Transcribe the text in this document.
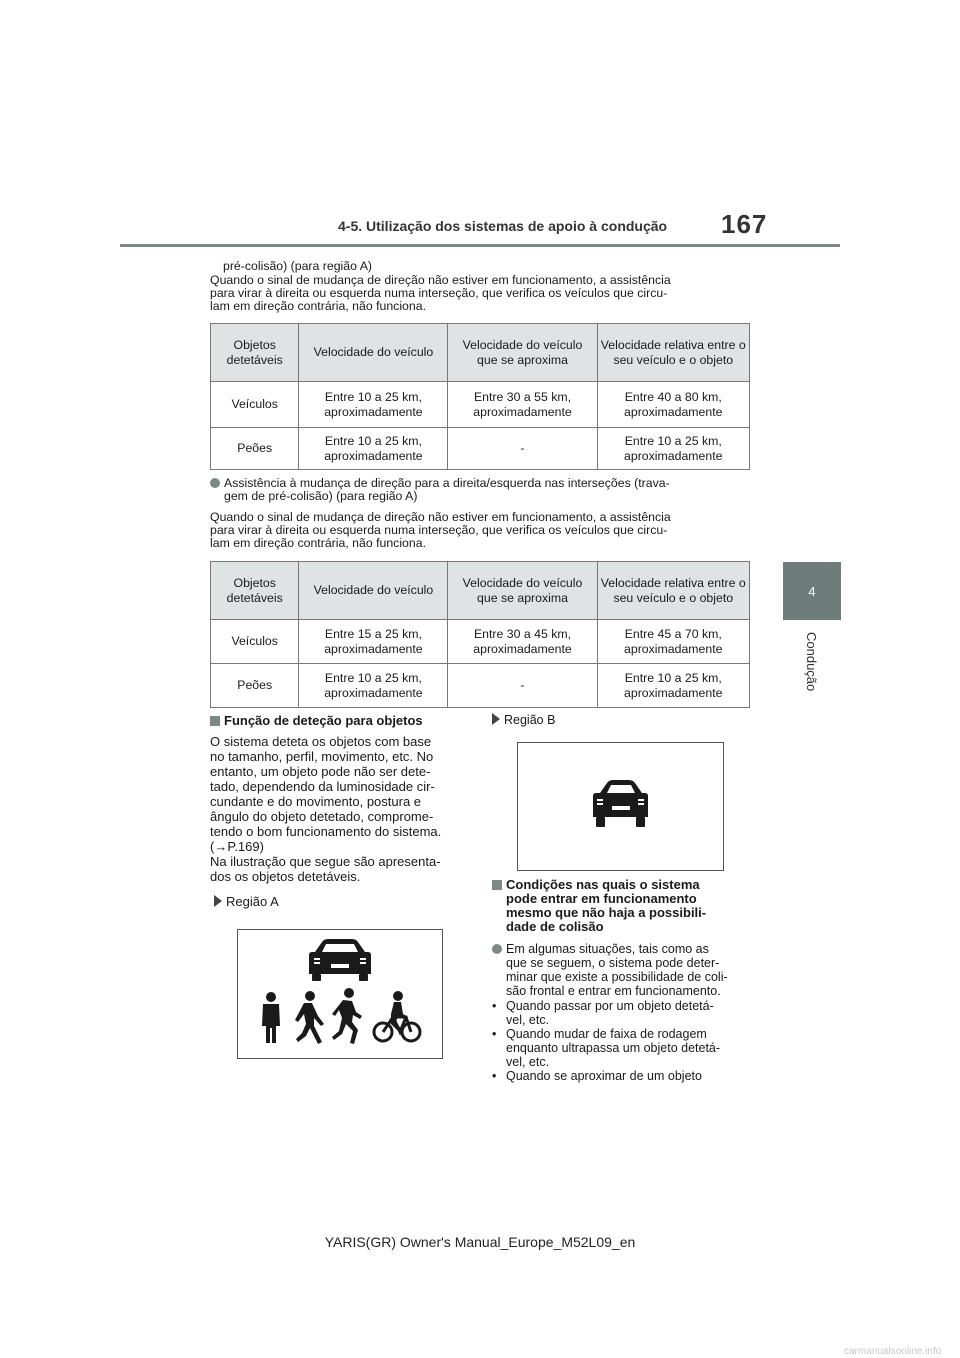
4-5. Utilização dos sistemas de apoio à condução 167
4
Condução
pré-colisão) (para região A)
Quando o sinal de mudança de direção não estiver em funcionamento, a assistência
para virar à direita ou esquerda numa interseção, que verifica os veículos que circu-
lam em direção contrária, não funciona.
Objetos detetáveis	Velocidade do veículo	Velocidade do veículo que se aproxima	Velocidade relativa entre o seu veículo e o objeto
Veículos	Entre 10 a 25 km, aproximadamente	Entre 30 a 55 km, aproximadamente	Entre 40 a 80 km, aproximadamente
Peões	Entre 10 a 25 km, aproximadamente	-	Entre 10 a 25 km, aproximadamente
Assistência à mudança de direção para a direita/esquerda nas interseções (trava-
gem de pré-colisão) (para região A)
Quando o sinal de mudança de direção não estiver em funcionamento, a assistência
para virar à direita ou esquerda numa interseção, que verifica os veículos que circu-
lam em direção contrária, não funciona.
Objetos detetáveis	Velocidade do veículo	Velocidade do veículo que se aproxima	Velocidade relativa entre o seu veículo e o objeto
Veículos	Entre 15 a 25 km, aproximadamente	Entre 30 a 45 km, aproximadamente	Entre 45 a 70 km, aproximadamente
Peões	Entre 10 a 25 km, aproximadamente	-	Entre 10 a 25 km, aproximadamente
Função de deteção para objetos
O sistema deteta os objetos com base
no tamanho, perfil, movimento, etc. No
entanto, um objeto pode não ser dete-
tado, dependendo da luminosidade cir-
cundante e do movimento, postura e
ângulo do objeto detetado, comprome-
tendo o bom funcionamento do sistema.
(→P.169)
Na ilustração que segue são apresenta-
dos os objetos detetáveis.
Região A
Região B
Condições nas quais o sistema
pode entrar em funcionamento
mesmo que não haja a possibili-
dade de colisão
Em algumas situações, tais como as
que se seguem, o sistema pode deter-
minar que existe a possibilidade de coli-
são frontal e entrar em funcionamento.
• Quando passar por um objeto detetá-
vel, etc.
• Quando mudar de faixa de rodagem
enquanto ultrapassa um objeto detetá-
vel, etc.
• Quando se aproximar de um objeto
YARIS(GR) Owner's Manual_Europe_M52L09_en
carmanualsonline.info
